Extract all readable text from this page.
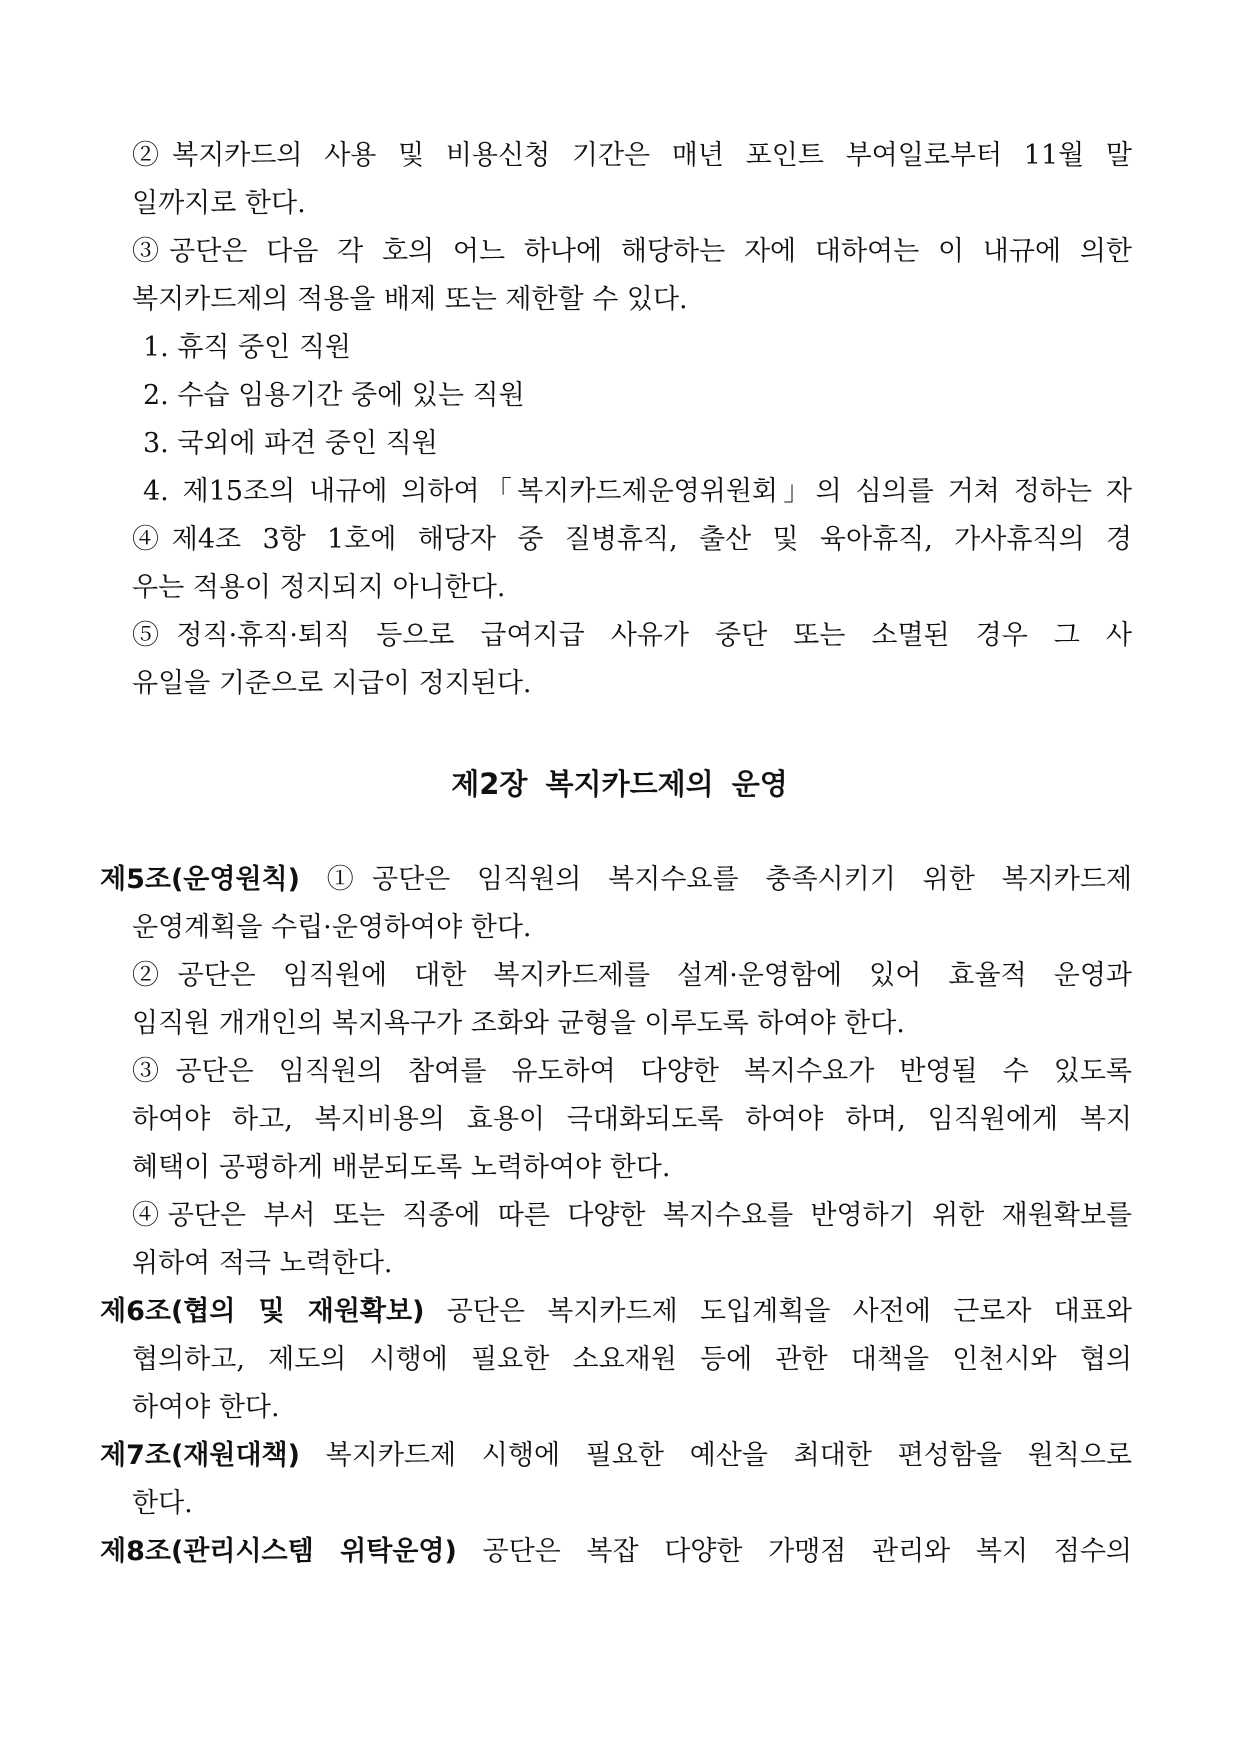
②복지카드의 사용 및 비용신청 기간은 매년 포인트 부여일로부터 11월 말
일까지로 한다.
③공단은 다음 각 호의 어느 하나에 해당하는 자에 대하여는 이 내규에 의한
복지카드제의 적용을 배제 또는 제한할 수 있다.
1. 휴직 중인 직원
2. 수습 임용기간 중에 있는 직원
3. 국외에 파견 중인 직원
4. 제15조의 내규에 의하여「복지카드제운영위원회」의 심의를 거쳐 정하는 자
④제4조 3항 1호에 해당자 중 질병휴직, 출산 및 육아휴직, 가사휴직의 경
우는 적용이 정지되지 아니한다.
⑤정직·휴직·퇴직 등으로 급여지급 사유가 중단 또는 소멸된 경우 그 사
유일을 기준으로 지급이 정지된다.
제2장 복지카드제의 운영
제5조(운영원칙) ①공단은 임직원의 복지수요를 충족시키기 위한 복지카드제
운영계획을 수립·운영하여야 한다.
②공단은 임직원에 대한 복지카드제를 설계·운영함에 있어 효율적 운영과
임직원 개개인의 복지욕구가 조화와 균형을 이루도록 하여야 한다.
③공단은 임직원의 참여를 유도하여 다양한 복지수요가 반영될 수 있도록
하여야 하고, 복지비용의 효용이 극대화되도록 하여야 하며, 임직원에게 복지
혜택이 공평하게 배분되도록 노력하여야 한다.
④공단은 부서 또는 직종에 따른 다양한 복지수요를 반영하기 위한 재원확보를
위하여 적극 노력한다.
제6조(협의 및 재원확보) 공단은 복지카드제 도입계획을 사전에 근로자 대표와
협의하고, 제도의 시행에 필요한 소요재원 등에 관한 대책을 인천시와 협의
하여야 한다.
제7조(재원대책) 복지카드제 시행에 필요한 예산을 최대한 편성함을 원칙으로
한다.
제8조(관리시스템 위탁운영) 공단은 복잡 다양한 가맹점 관리와 복지 점수의
